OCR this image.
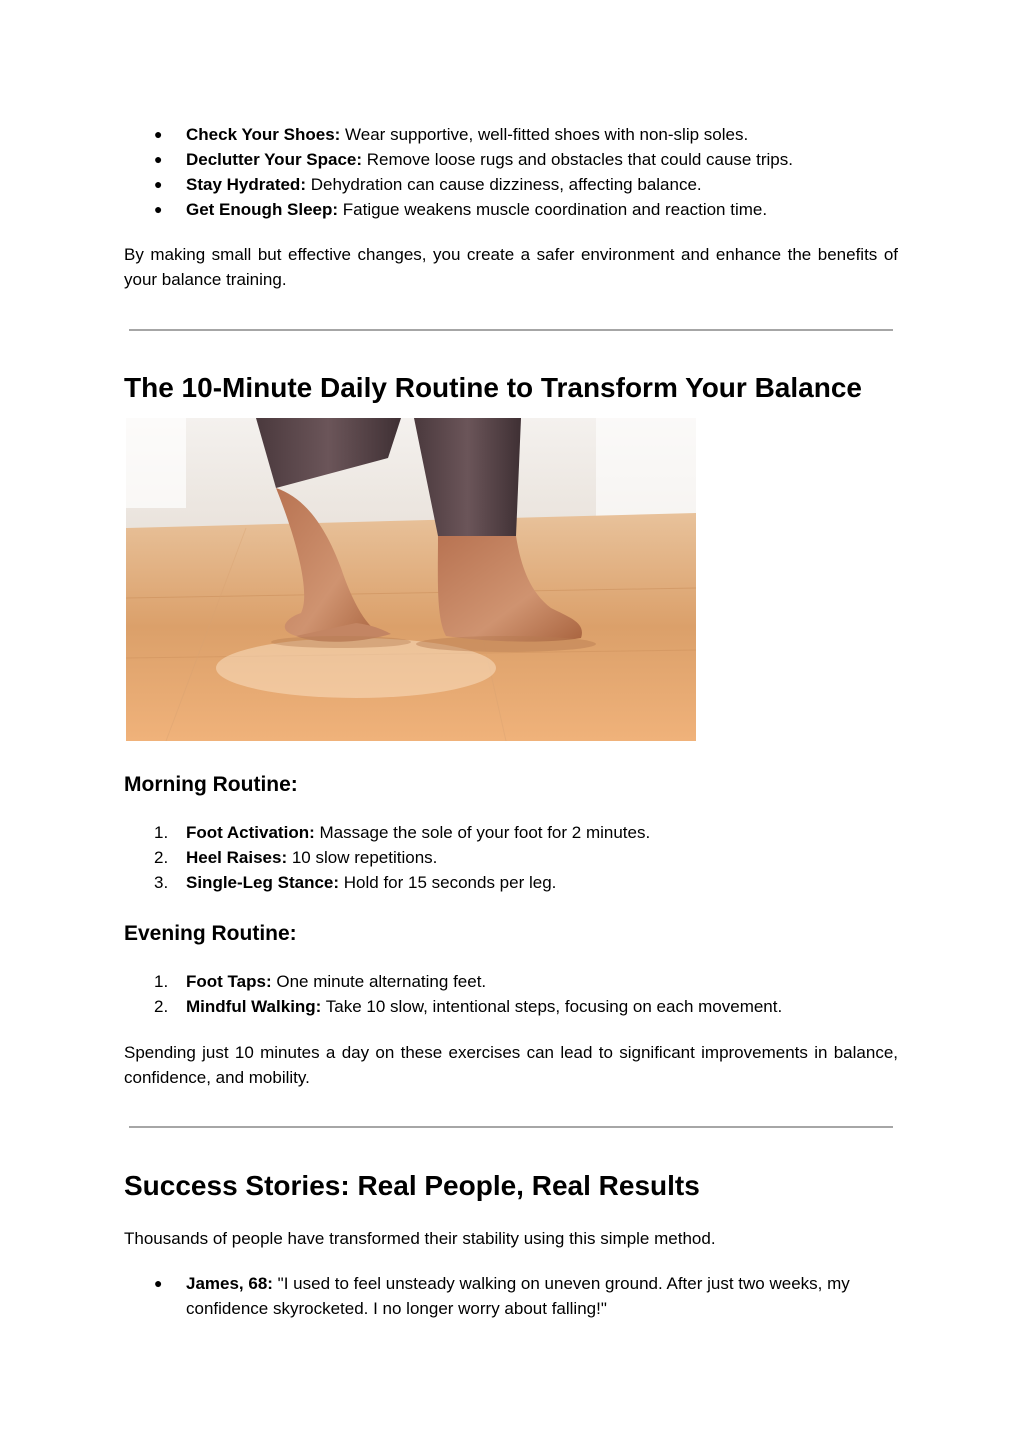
● Check Your Shoes: Wear supportive, well-fitted shoes with non-slip soles.
● Declutter Your Space: Remove loose rugs and obstacles that could cause trips.
● Stay Hydrated: Dehydration can cause dizziness, affecting balance.
● Get Enough Sleep: Fatigue weakens muscle coordination and reaction time.

By making small but effective changes, you create a safer environment and enhance the benefits of your balance training.

The 10-Minute Daily Routine to Transform Your Balance
Morning Routine:
1. Foot Activation: Massage the sole of your foot for 2 minutes.
2. Heel Raises: 10 slow repetitions.
3. Single-Leg Stance: Hold for 15 seconds per leg.
Evening Routine:
1. Foot Taps: One minute alternating feet.
2. Mindful Walking: Take 10 slow, intentional steps, focusing on each movement.

Spending just 10 minutes a day on these exercises can lead to significant improvements in balance, confidence, and mobility.

Success Stories: Real People, Real Results

Thousands of people have transformed their stability using this simple method.

● James, 68: "I used to feel unsteady walking on uneven ground. After just two weeks, my confidence skyrocketed. I no longer worry about falling!"
